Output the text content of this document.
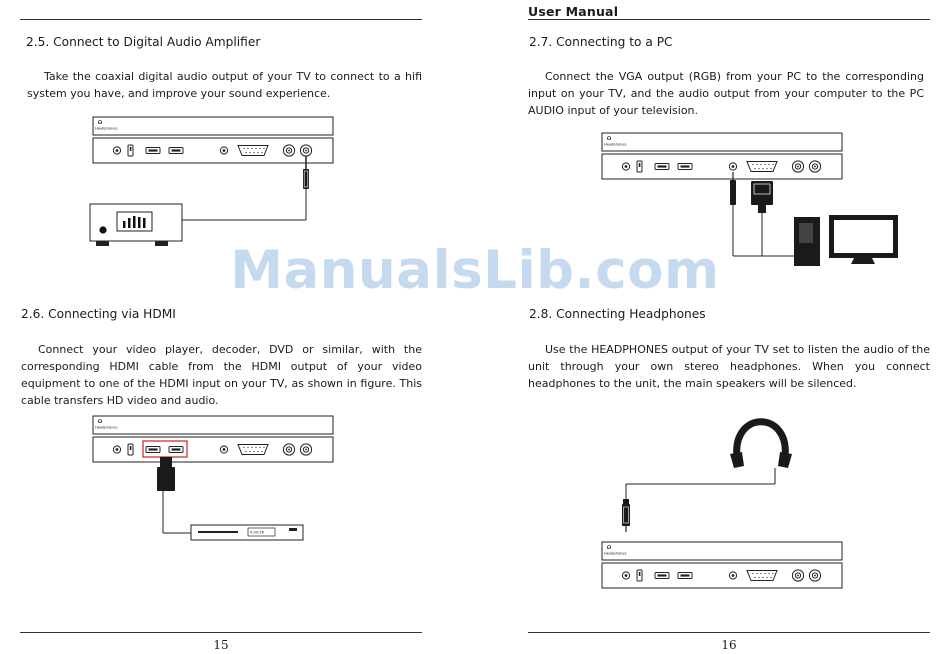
2.5. Connect to Digital Audio Amplifier

Take the coaxial digital audio output of your TV to connect to a hifi system you have, and improve your sound experience.

2.6. Connecting via HDMI

Connect your video player, decoder, DVD or similar, with the corresponding HDMI cable from the HDMI output of your video equipment to one of the HDMI input on your TV, as shown in figure. This cable transfers HD video and audio.

0:00:36
15
User Manual
2.7. Connecting to a PC

Connect the VGA output (RGB) from your PC to the corresponding input on your TV, and the audio output from your computer to the PC AUDIO input of your television.

2.8. Connecting Headphones

Use the HEADPHONES output of your TV set to listen the audio of the unit through your own stereo headphones. When you connect headphones to the unit, the main speakers will be silenced.

16
ManualsLib.com
